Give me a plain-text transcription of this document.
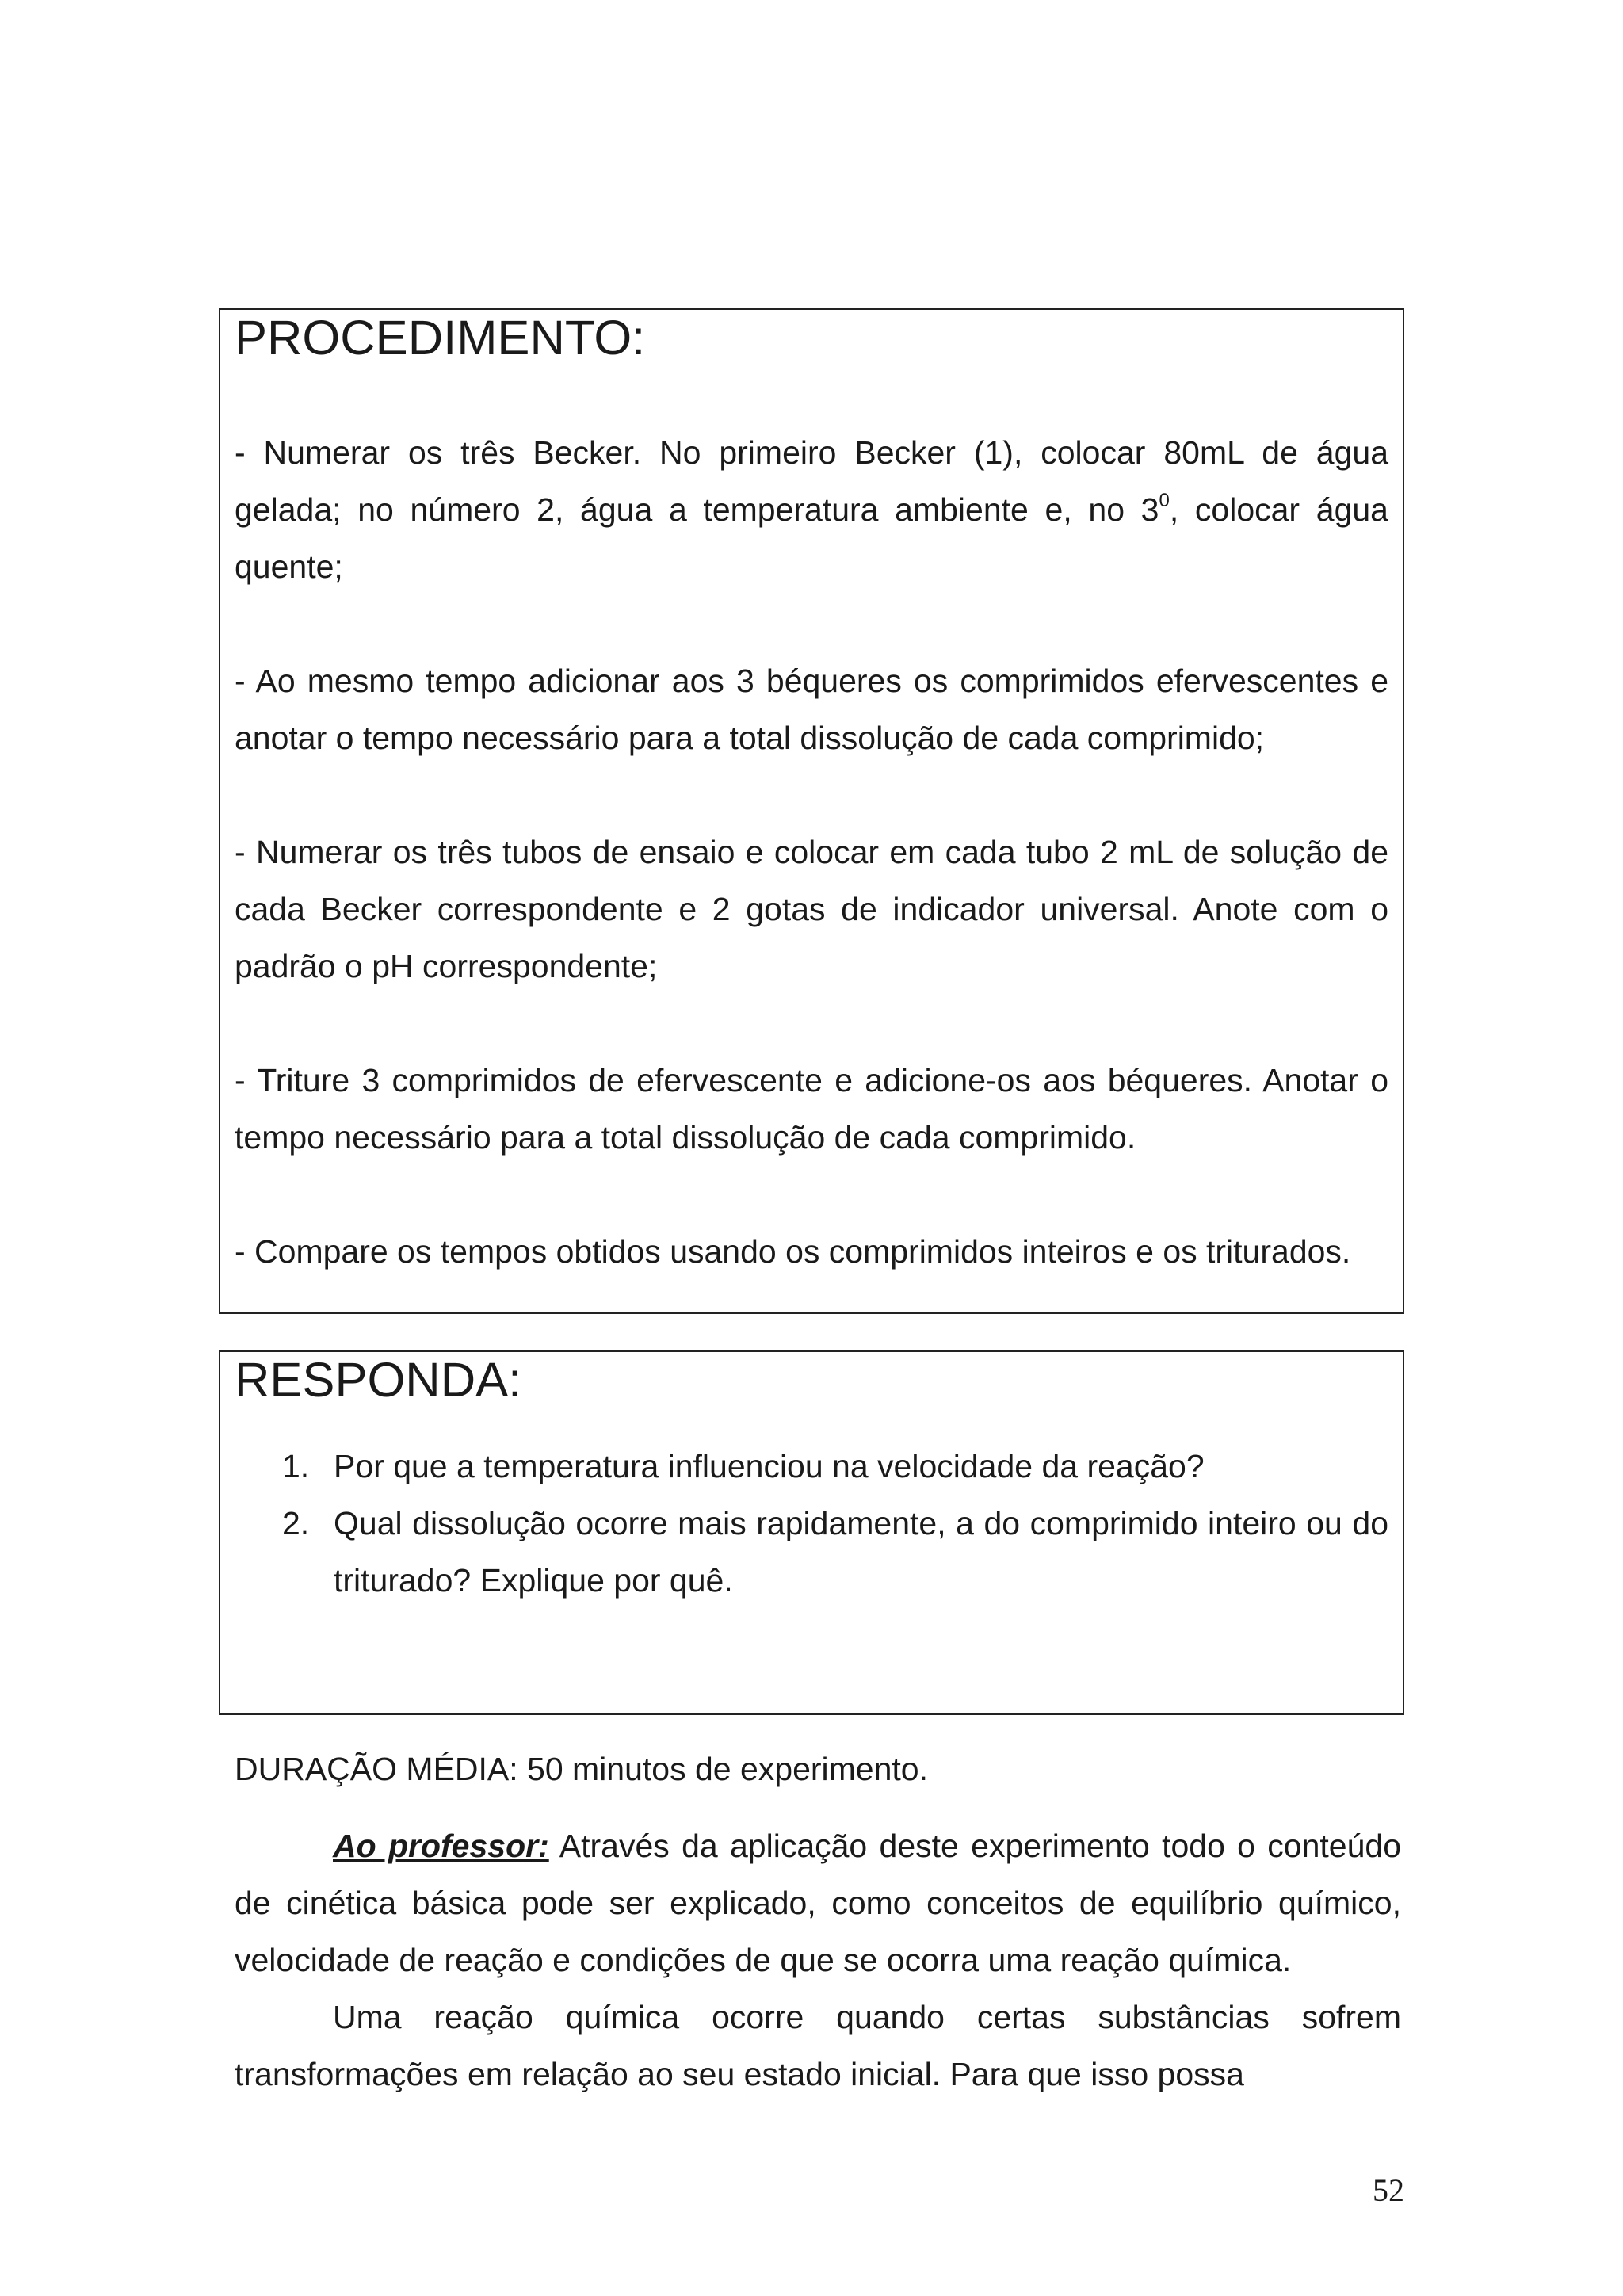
PROCEDIMENTO:

- Numerar os três Becker. No primeiro Becker (1), colocar 80mL de água gelada; no número 2, água a temperatura ambiente e, no $3^0$, colocar água quente;

- Ao mesmo tempo adicionar aos 3 béqueres os comprimidos efervescentes e anotar o tempo necessário para a total dissolução de cada comprimido;

- Numerar os três tubos de ensaio e colocar em cada tubo 2 mL de solução de cada Becker correspondente e 2 gotas de indicador universal. Anote com o padrão o pH correspondente;

- Triture 3 comprimidos de efervescente e adicione-os aos béqueres. Anotar o tempo necessário para a total dissolução de cada comprimido.

- Compare os tempos obtidos usando os comprimidos inteiros e os triturados.

RESPONDA:
1. Por que a temperatura influenciou na velocidade da reação?
2. Qual dissolução ocorre mais rapidamente, a do comprimido inteiro ou do triturado? Explique por quê.

DURAÇÃO MÉDIA: 50 minutos de experimento.

Ao professor: Através da aplicação deste experimento todo o conteúdo de cinética básica pode ser explicado, como conceitos de equilíbrio químico, velocidade de reação e condições de que se ocorra uma reação química.

Uma reação química ocorre quando certas substâncias sofrem transformações em relação ao seu estado inicial. Para que isso possa

52
